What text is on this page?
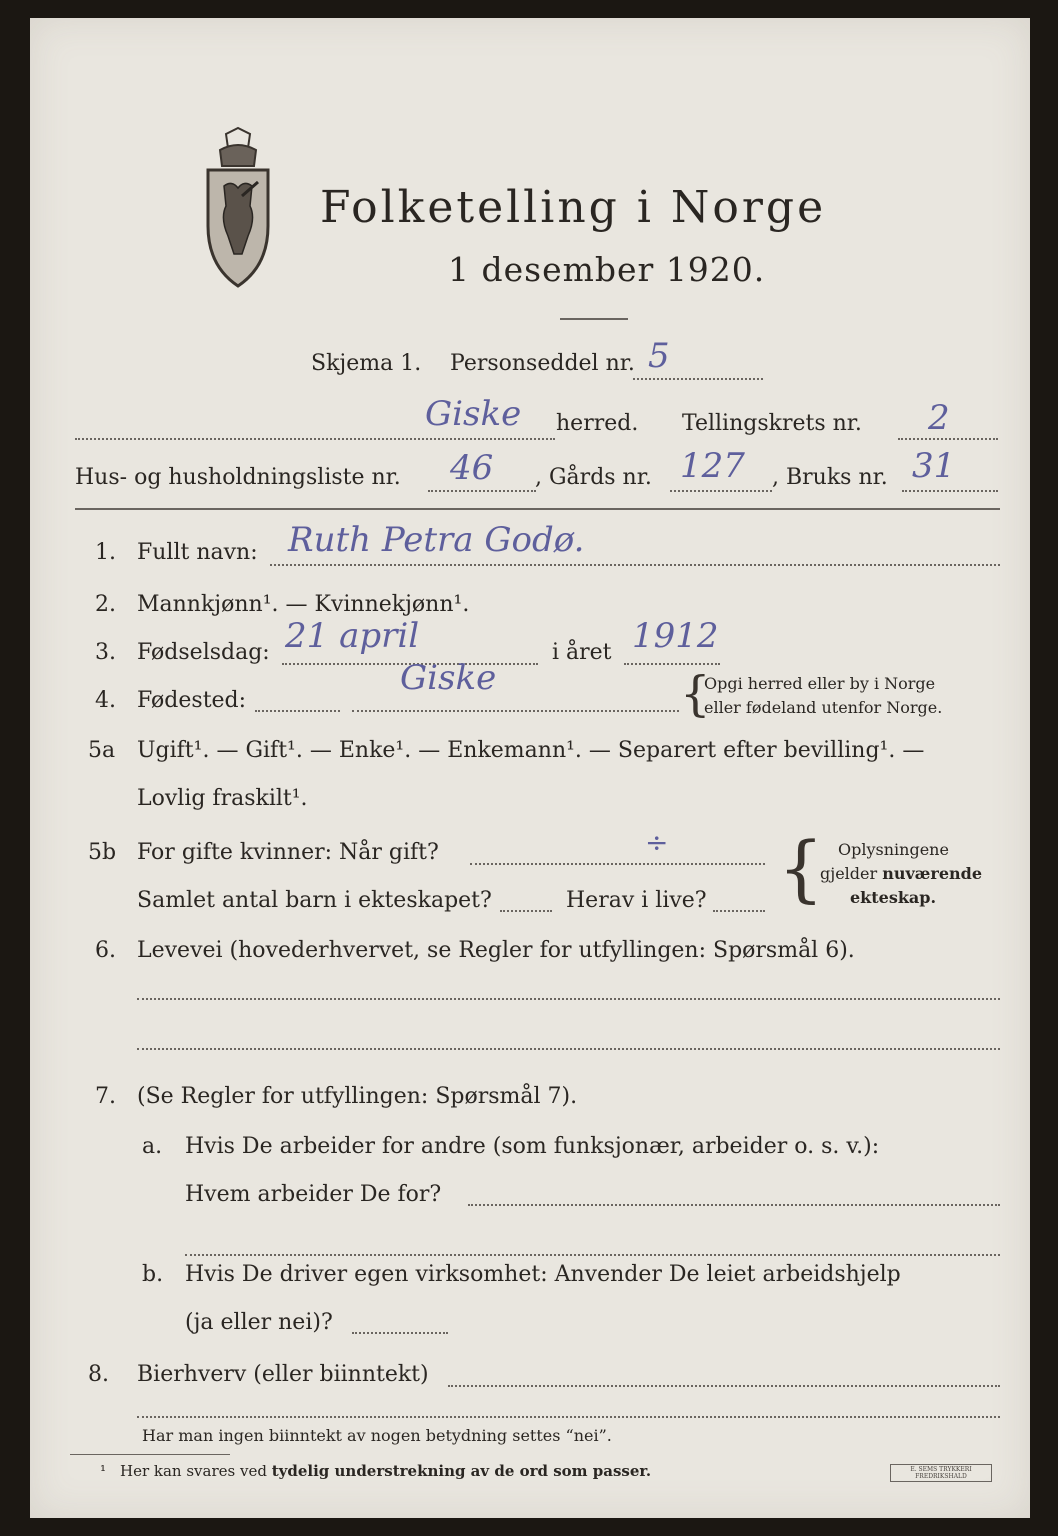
Folketelling i Norge
1 desember 1920.
Skjema 1. Personseddel nr. 5
Giske herred. Tellingskrets nr. 2
Hus- og husholdningsliste nr. 46 , Gårds nr. 127 , Bruks nr. 31
1. Fullt navn: Ruth Petra Godø.
2. Mannkjønn¹. — Kvinnekjønn¹.
3. Fødselsdag: 21 april	i året 1912
4. Fødested:
Giske	{
Opgi herred eller by i Norge
eller fødeland utenfor Norge.
5a Ugift¹. — Gift¹. — Enke¹. — Enkemann¹. — Separert efter bevilling¹. —
Lovlig fraskilt¹.
5b For gifte kvinner: Når gift?	÷
Samlet antal barn i ekteskapet?	Herav i live? { Oplysningene
gjelder nuværende
ekteskap.
6. Levevei (hovederhvervet, se Regler for utfyllingen: Spørsmål 6).
7. (Se Regler for utfyllingen: Spørsmål 7).
a. Hvis De arbeider for andre (som funksjonær, arbeider o. s. v.):
Hvem arbeider De for?
b. Hvis De driver egen virksomhet: Anvender De leiet arbeidshjelp
(ja eller nei)?
8. Bierhverv (eller biinntekt)
Har man ingen biinntekt av nogen betydning settes “nei”.
¹ Her kan svares ved tydelig understrekning av de ord som passer.	E. SEMS TRYKKERI
FREDRIKSHALD
